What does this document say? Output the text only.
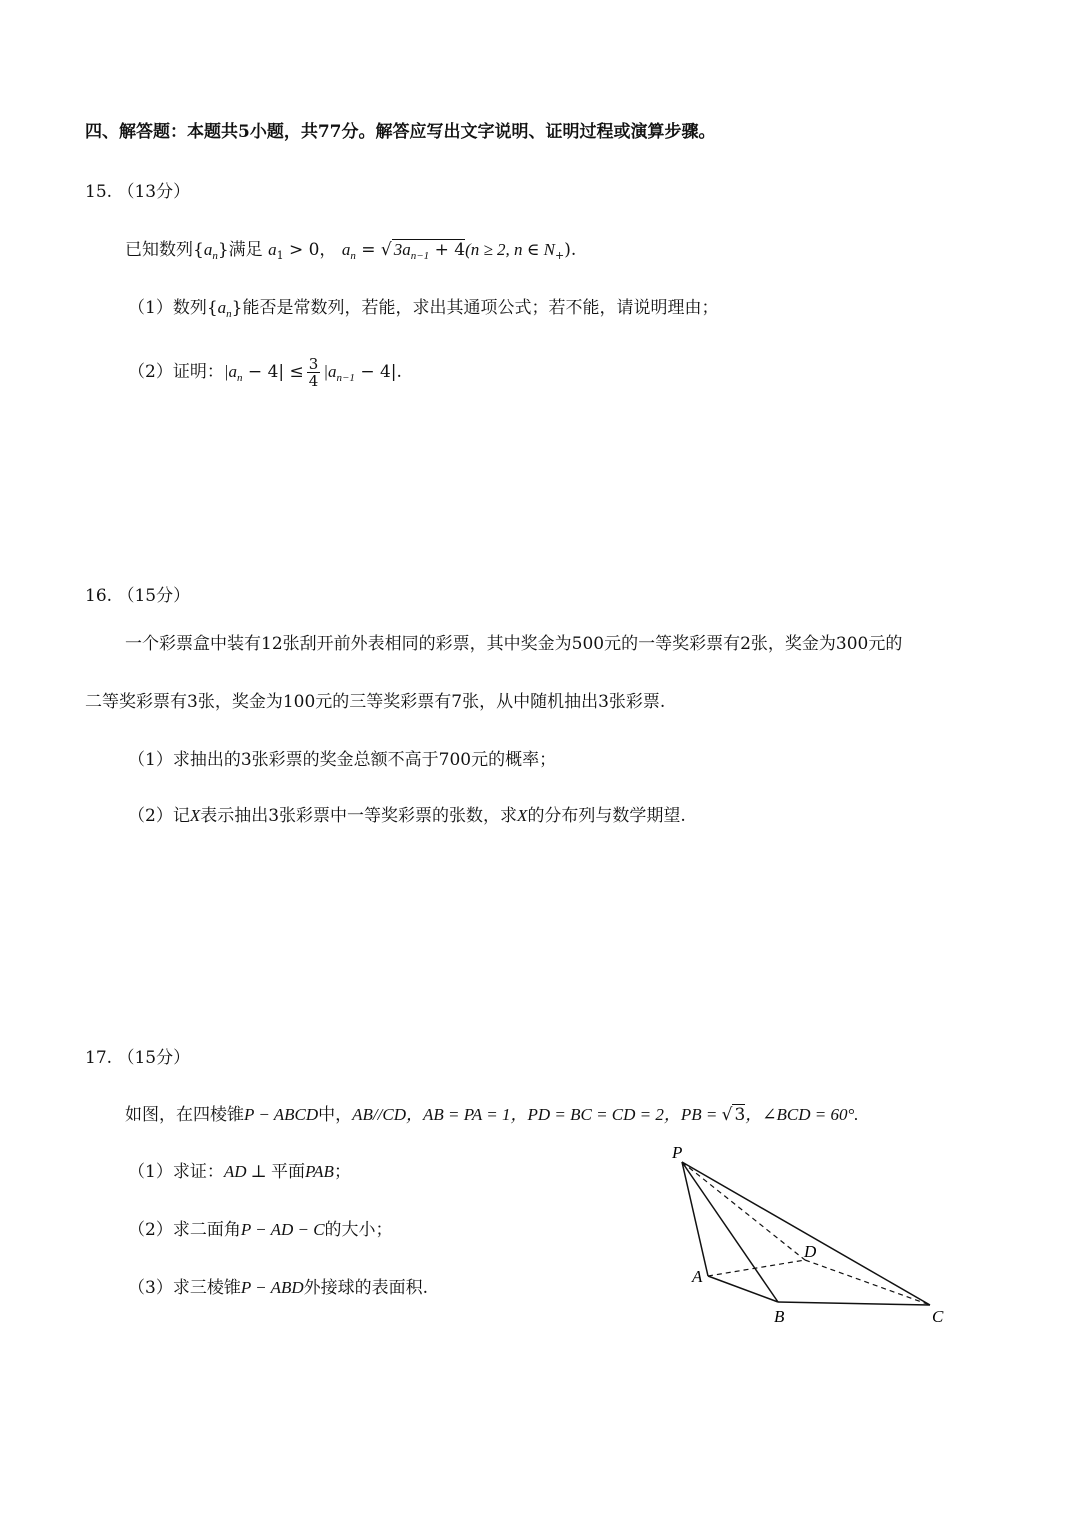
四、解答题：本题共5小题，共77分。解答应写出文字说明、证明过程或演算步骤。
15. （13分）
已知数列$\{a_n\}$满足 $a_1 > 0$， $a_n$ = √ $3a_{n-1} + 4(n \ge 2$, n ∈ $N_+$).
（1）数列$\{a_n\}$能否是常数列，若能，求出其通项公式；若不能，请说明理由；
（2）证明：$|a_n - 4| \le \frac{3}{4} |a_{n-1} - 4|$.
16. （15分）
一个彩票盒中装有12张刮开前外表相同的彩票，其中奖金为500元的一等奖彩票有2张，奖金为300元的
二等奖彩票有3张，奖金为100元的三等奖彩票有7张，从中随机抽出3张彩票.
（1）求抽出的3张彩票的奖金总额不高于700元的概率；
（2）记X表示抽出3张彩票中一等奖彩票的张数，求X的分布列与数学期望.
17. （15分）
如图，在四棱锥P − ABCD中，AB//CD，AB = PA = 1，PD = BC = CD = 2，PB = √ 3，∠BCD = 60°.
（1）求证：AD ⊥ 平面PAB；
（2）求二面角P − AD − C的大小；
（3）求三棱锥P − ABD外接球的表面积.
P
A
B	C
D
